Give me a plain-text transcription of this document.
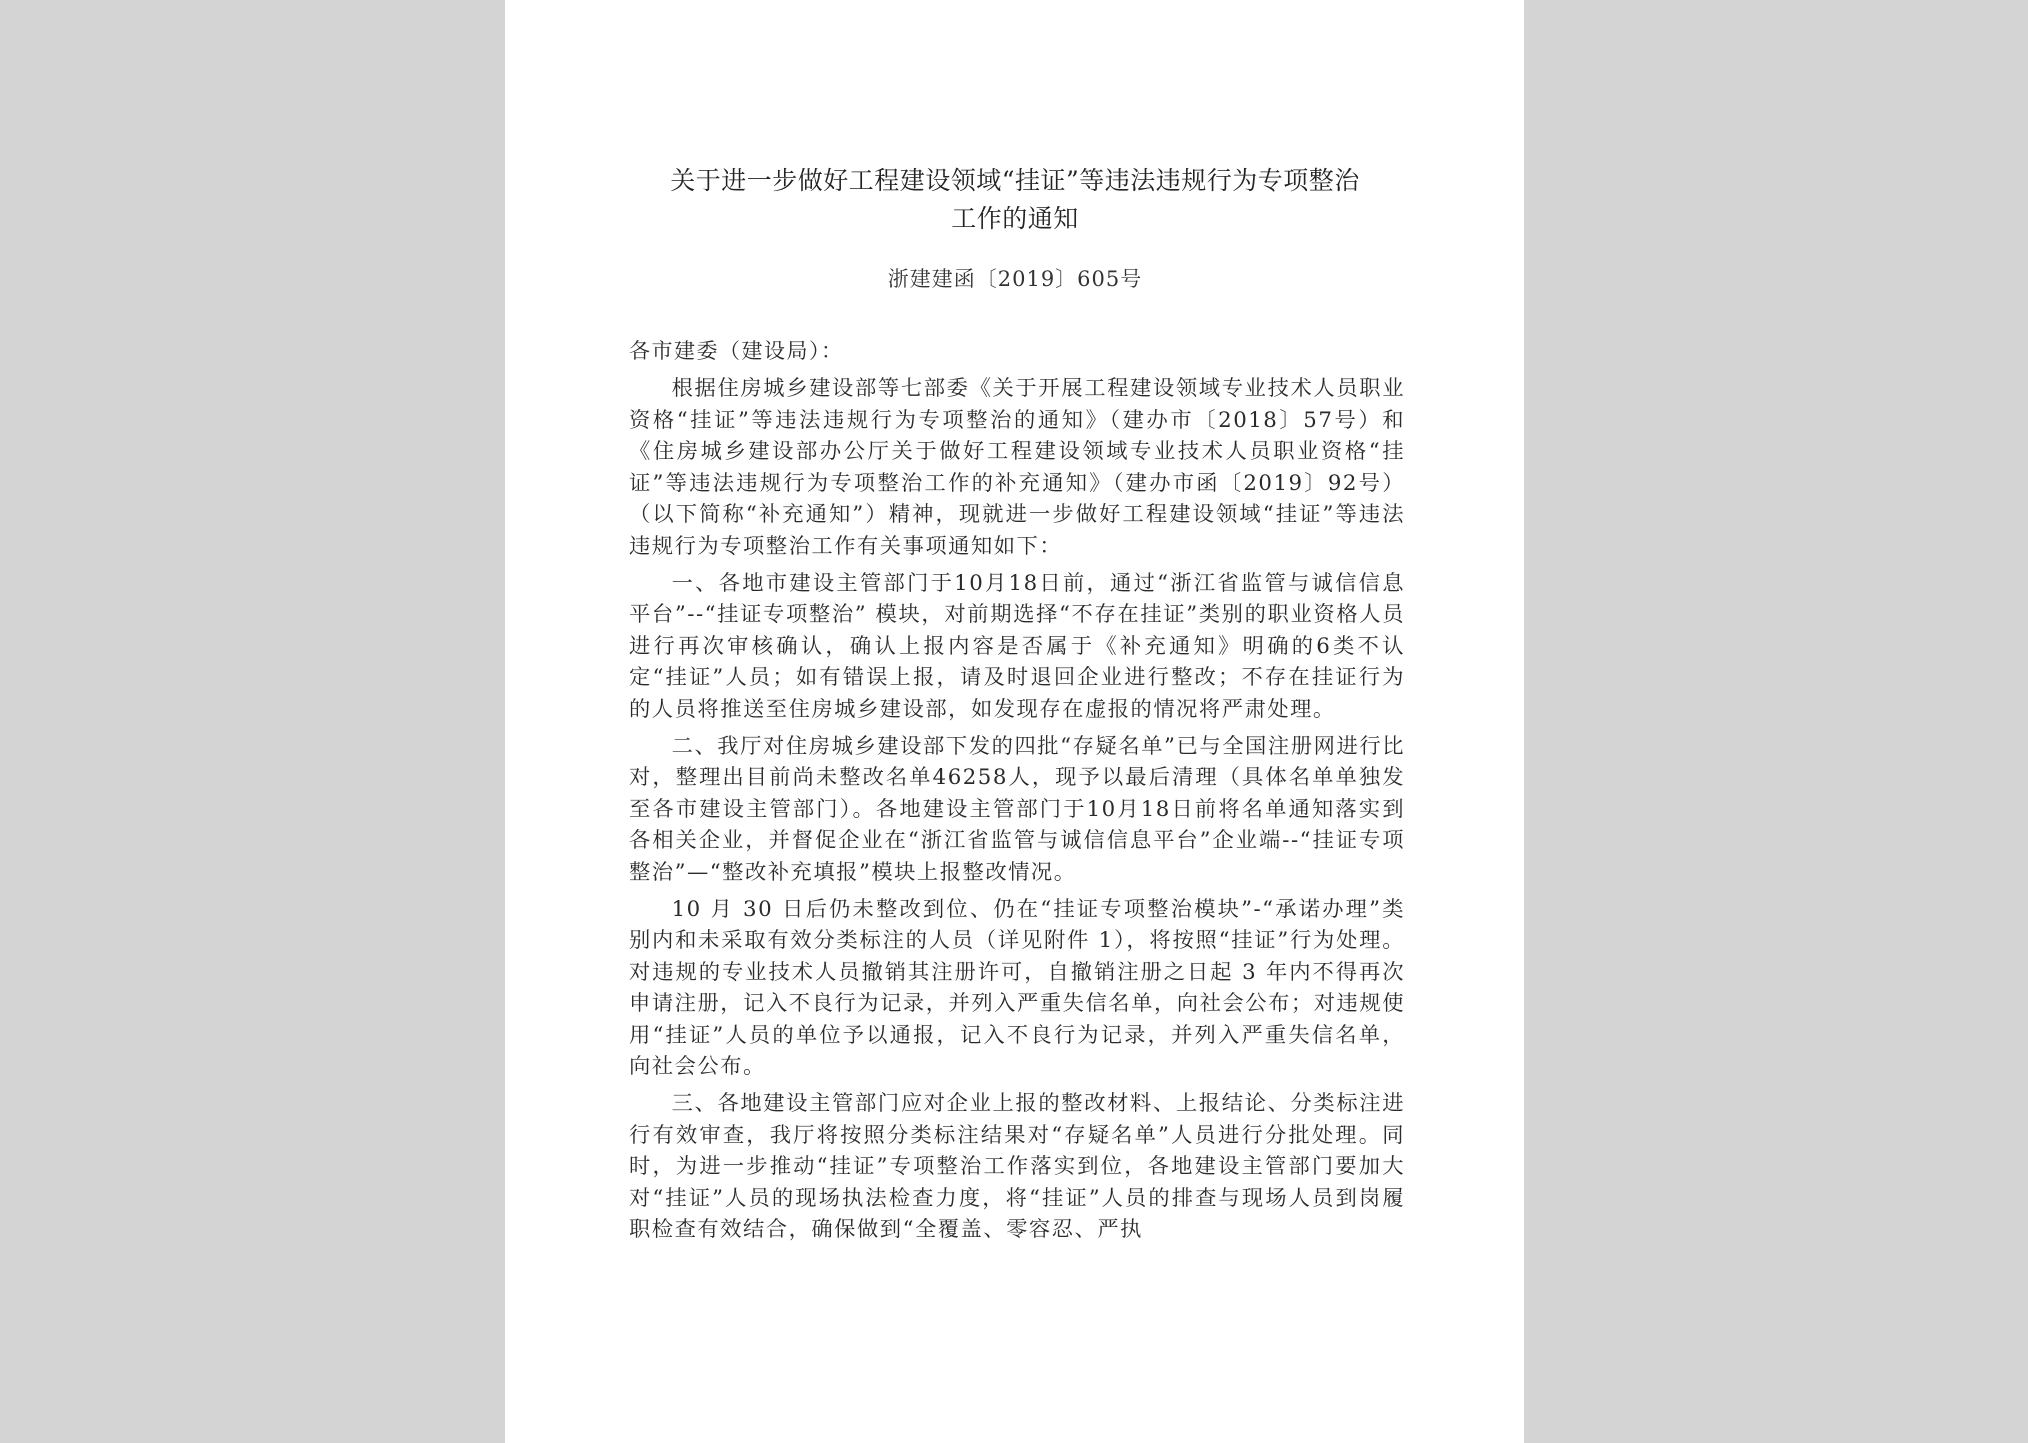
关于进一步做好工程建设领域“挂证”等违法违规行为专项整治
工作的通知
浙建建函〔2019〕605号
各市建委（建设局）：

根据住房城乡建设部等七部委《关于开展工程建设领域专业技术人员职业资格“挂证”等违法违规行为专项整治的通知》（建办市〔2018〕57号）和《住房城乡建设部办公厅关于做好工程建设领域专业技术人员职业资格“挂证”等违法违规行为专项整治工作的补充通知》（建办市函〔2019〕92号）（以下简称“补充通知”）精神，现就进一步做好工程建设领域“挂证”等违法违规行为专项整治工作有关事项通知如下：

一、各地市建设主管部门于10月18日前，通过“浙江省监管与诚信信息平台”--“挂证专项整治” 模块，对前期选择“不存在挂证”类别的职业资格人员进行再次审核确认，确认上报内容是否属于《补充通知》明确的6类不认定“挂证”人员；如有错误上报，请及时退回企业进行整改；不存在挂证行为的人员将推送至住房城乡建设部，如发现存在虚报的情况将严肃处理。

二、我厅对住房城乡建设部下发的四批“存疑名单”已与全国注册网进行比对，整理出目前尚未整改名单46258人，现予以最后清理（具体名单单独发至各市建设主管部门）。各地建设主管部门于10月18日前将名单通知落实到各相关企业，并督促企业在“浙江省监管与诚信信息平台”企业端--“挂证专项整治”—“整改补充填报”模块上报整改情况。

10 月 30 日后仍未整改到位、仍在“挂证专项整治模块”-“承诺办理”类别内和未采取有效分类标注的人员（详见附件 1），将按照“挂证”行为处理。对违规的专业技术人员撤销其注册许可，自撤销注册之日起 3 年内不得再次申请注册，记入不良行为记录，并列入严重失信名单，向社会公布；对违规使用“挂证”人员的单位予以通报，记入不良行为记录，并列入严重失信名单，向社会公布。

三、各地建设主管部门应对企业上报的整改材料、上报结论、分类标注进行有效审查，我厅将按照分类标注结果对“存疑名单”人员进行分批处理。同时，为进一步推动“挂证”专项整治工作落实到位，各地建设主管部门要加大对“挂证”人员的现场执法检查力度，将“挂证”人员的排查与现场人员到岗履职检查有效结合，确保做到“全覆盖、零容忍、严执
